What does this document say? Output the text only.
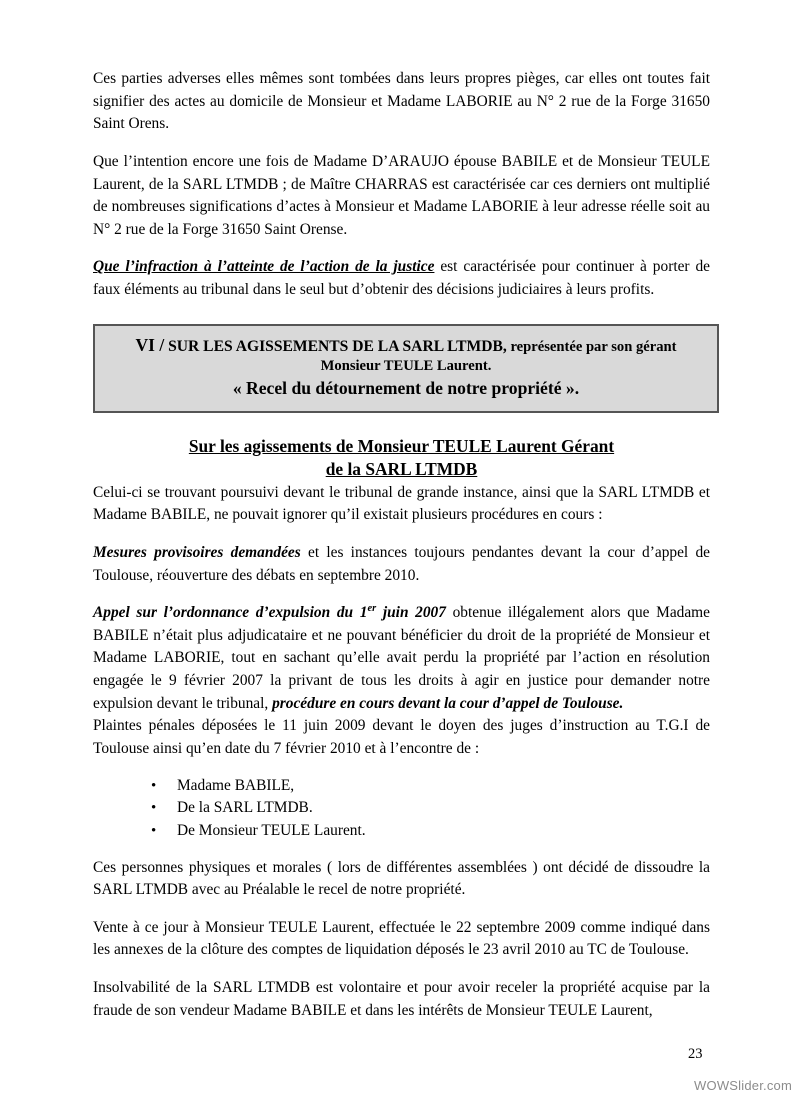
Ces parties adverses elles mêmes sont tombées dans leurs propres pièges, car elles ont toutes fait signifier des actes au domicile de Monsieur et Madame LABORIE au N° 2 rue de la Forge 31650 Saint Orens.

Que l’intention encore une fois de Madame D’ARAUJO épouse BABILE et de Monsieur TEULE Laurent, de la SARL LTMDB ; de Maître CHARRAS est caractérisée car ces derniers ont multiplié de nombreuses significations d’actes à Monsieur et Madame LABORIE à leur adresse réelle soit au N° 2 rue de la Forge 31650 Saint Orense.

Que l’infraction à l’atteinte de l’action de la justice est caractérisée pour continuer à porter de faux éléments au tribunal dans le seul but d’obtenir des décisions judiciaires à leurs profits.

VI / SUR LES AGISSEMENTS DE LA SARL LTMDB, représentée par son gérant
Monsieur TEULE Laurent.
« Recel du détournement de notre propriété ».
Sur les agissements de Monsieur TEULE Laurent Gérant
de la SARL LTMDB

Celui-ci se trouvant poursuivi devant le tribunal de grande instance, ainsi que la SARL LTMDB et Madame BABILE, ne pouvait ignorer qu’il existait plusieurs procédures en cours :

Mesures provisoires demandées et les instances toujours pendantes devant la cour d’appel de Toulouse, réouverture des débats en septembre 2010.

Appel sur l’ordonnance d’expulsion du 1er juin 2007 obtenue illégalement alors que Madame BABILE n’était plus adjudicataire et ne pouvant bénéficier du droit de la propriété de Monsieur et Madame LABORIE, tout en sachant qu’elle avait perdu la propriété par l’action en résolution engagée le 9 février 2007 la privant de tous les droits à agir en justice pour demander notre expulsion devant le tribunal, procédure en cours devant la cour d’appel de Toulouse.

Plaintes pénales déposées le 11 juin 2009 devant le doyen des juges d’instruction au T.G.I de Toulouse ainsi qu’en date du 7 février 2010 et à l’encontre de :

• Madame BABILE,
• De la SARL LTMDB.
• De Monsieur TEULE Laurent.

Ces personnes physiques et morales ( lors de différentes assemblées ) ont décidé de dissoudre la SARL LTMDB avec au Préalable le recel de notre propriété.

Vente à ce jour à Monsieur TEULE Laurent, effectuée le 22 septembre 2009 comme indiqué dans les annexes de la clôture des comptes de liquidation déposés le 23 avril 2010 au TC de Toulouse.

Insolvabilité de la SARL LTMDB est volontaire et pour avoir receler la propriété acquise par la fraude de son vendeur Madame BABILE et dans les intérêts de Monsieur TEULE Laurent,

23
WOWSlider.com
